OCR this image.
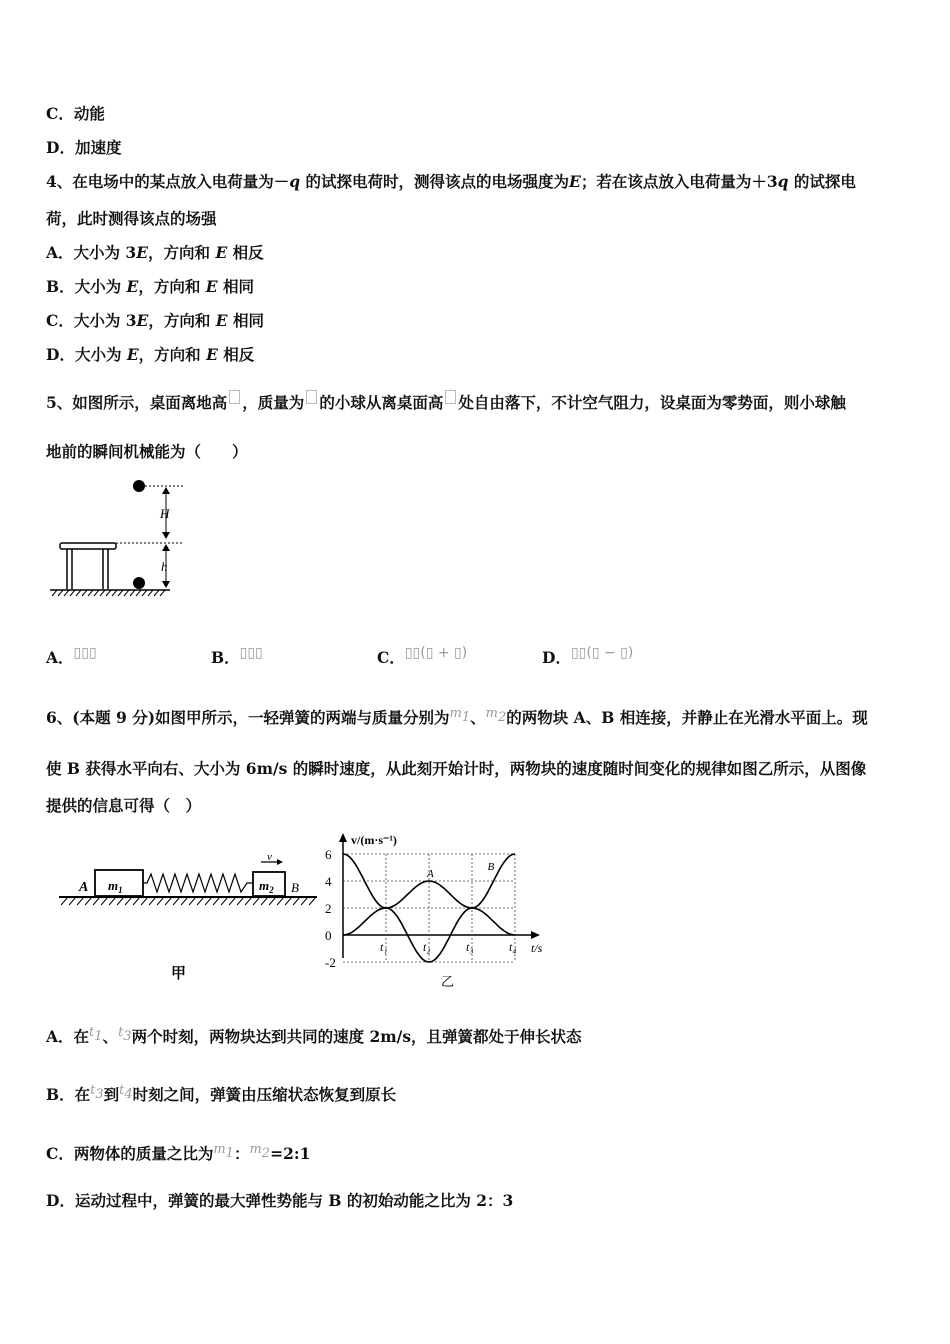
C．动能
D．加速度
4、在电场中的某点放入电荷量为－q 的试探电荷时，测得该点的电场强度为E；若在该点放入电荷量为＋3q 的试探电
荷，此时测得该点的场强
A．大小为 3E，方向和 E 相反
B．大小为 E，方向和 E 相同
C．大小为 3E，方向和 E 相同
D．大小为 E，方向和 E 相反
5、如图所示，桌面离地高 ，质量为 的小球从离桌面高 处自由落下，不计空气阻力，设桌面为零势面，则小球触
地前的瞬间机械能为（　　）
H
h
A．▯▯▯	B．▯▯▯	C．▯▯(▯ + ▯)	D．▯▯(▯ − ▯)
6、(本题 9 分)如图甲所示，一轻弹簧的两端与质量分别为$^m$1、$^m$2的两物块 A、B 相连接，并静止在光滑水平面上。现
使 B 获得水平向右、大小为 6m/s 的瞬时速度，从此刻开始计时，两物块的速度随时间变化的规律如图乙所示，从图像
提供的信息可得（　）
A $m_1$	$m_2$ B
v
甲
v/(m·s⁻¹)
t/s
6
4
2
0
-2
t₁	t₂	t₃	t₄
A
B
乙
A．在$^t$1、$^t$3两个时刻，两物块达到共同的速度 2m/s，且弹簧都处于伸长状态
B．在$^t$3到$^t$4时刻之间，弹簧由压缩状态恢复到原长
C．两物体的质量之比为$^m$1：$^m$2=2:1
D．运动过程中，弹簧的最大弹性势能与 B 的初始动能之比为 2：3
